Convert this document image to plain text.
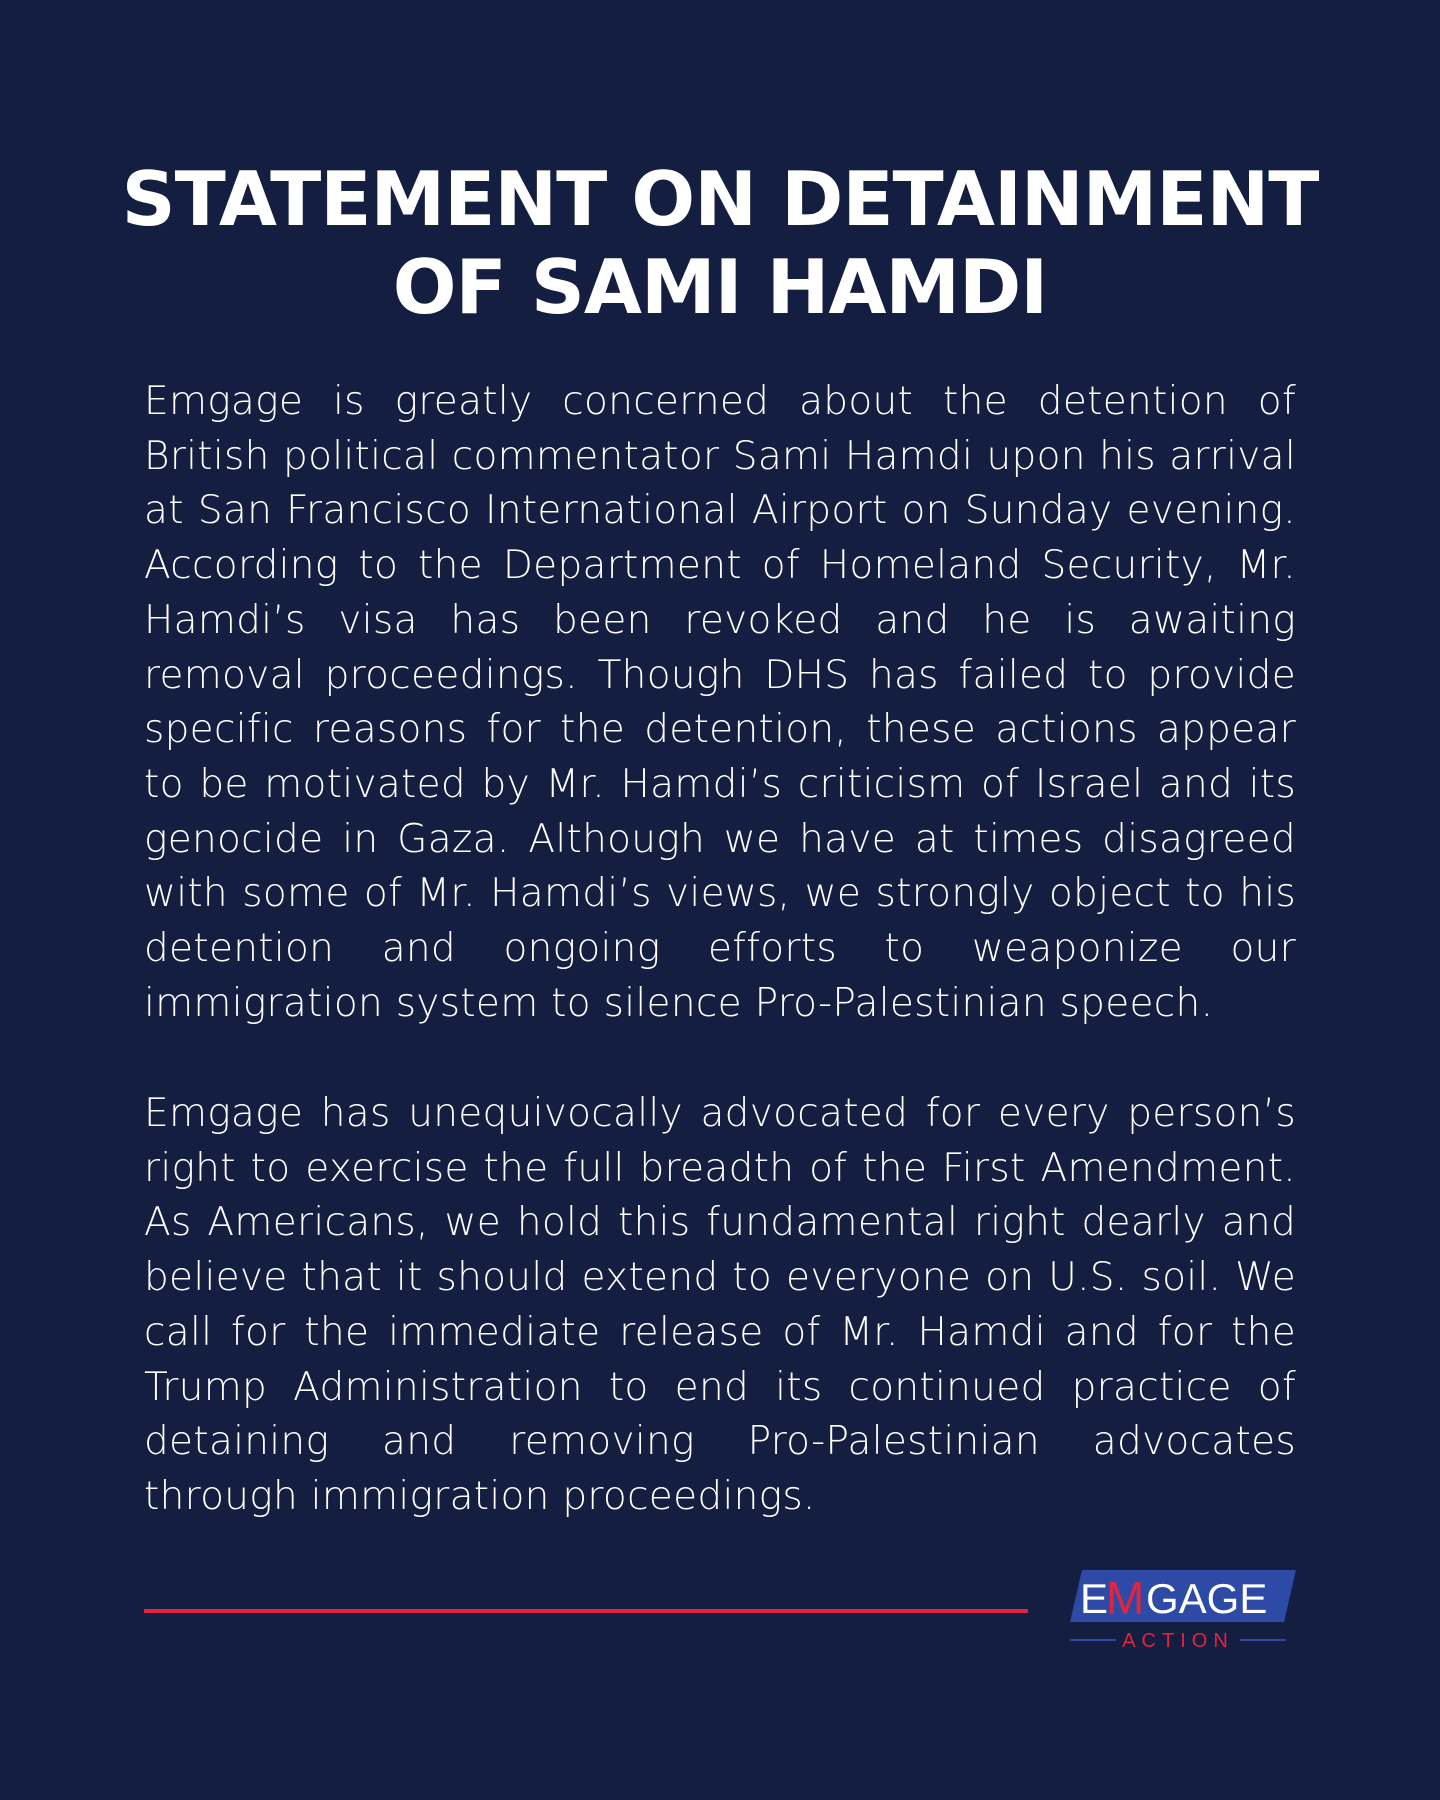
STATEMENT ON DETAINMENT
OF SAMI HAMDI

Emgage is greatly concerned about the detention of British political commentator Sami Hamdi upon his arrival at San Francisco International Airport on Sunday evening. According to the Department of Homeland Security, Mr. Hamdi’s visa has been revoked and he is awaiting removal proceedings. Though DHS has failed to provide specific reasons for the detention, these actions appear to be motivated by Mr. Hamdi’s criticism of Israel and its genocide in Gaza. Although we have at times disagreed with some of Mr. Hamdi’s views, we strongly object to his detention and ongoing efforts to weaponize our immigration system to silence Pro-Palestinian speech.

Emgage has unequivocally advocated for every person’s right to exercise the full breadth of the First Amendment. As Americans, we hold this fundamental right dearly and believe that it should extend to everyone on U.S. soil. We call for the immediate release of Mr. Hamdi and for the Trump Administration to end its continued practice of detaining and removing Pro-Palestinian advocates through immigration proceedings.

E
M GAGE
ACTION
